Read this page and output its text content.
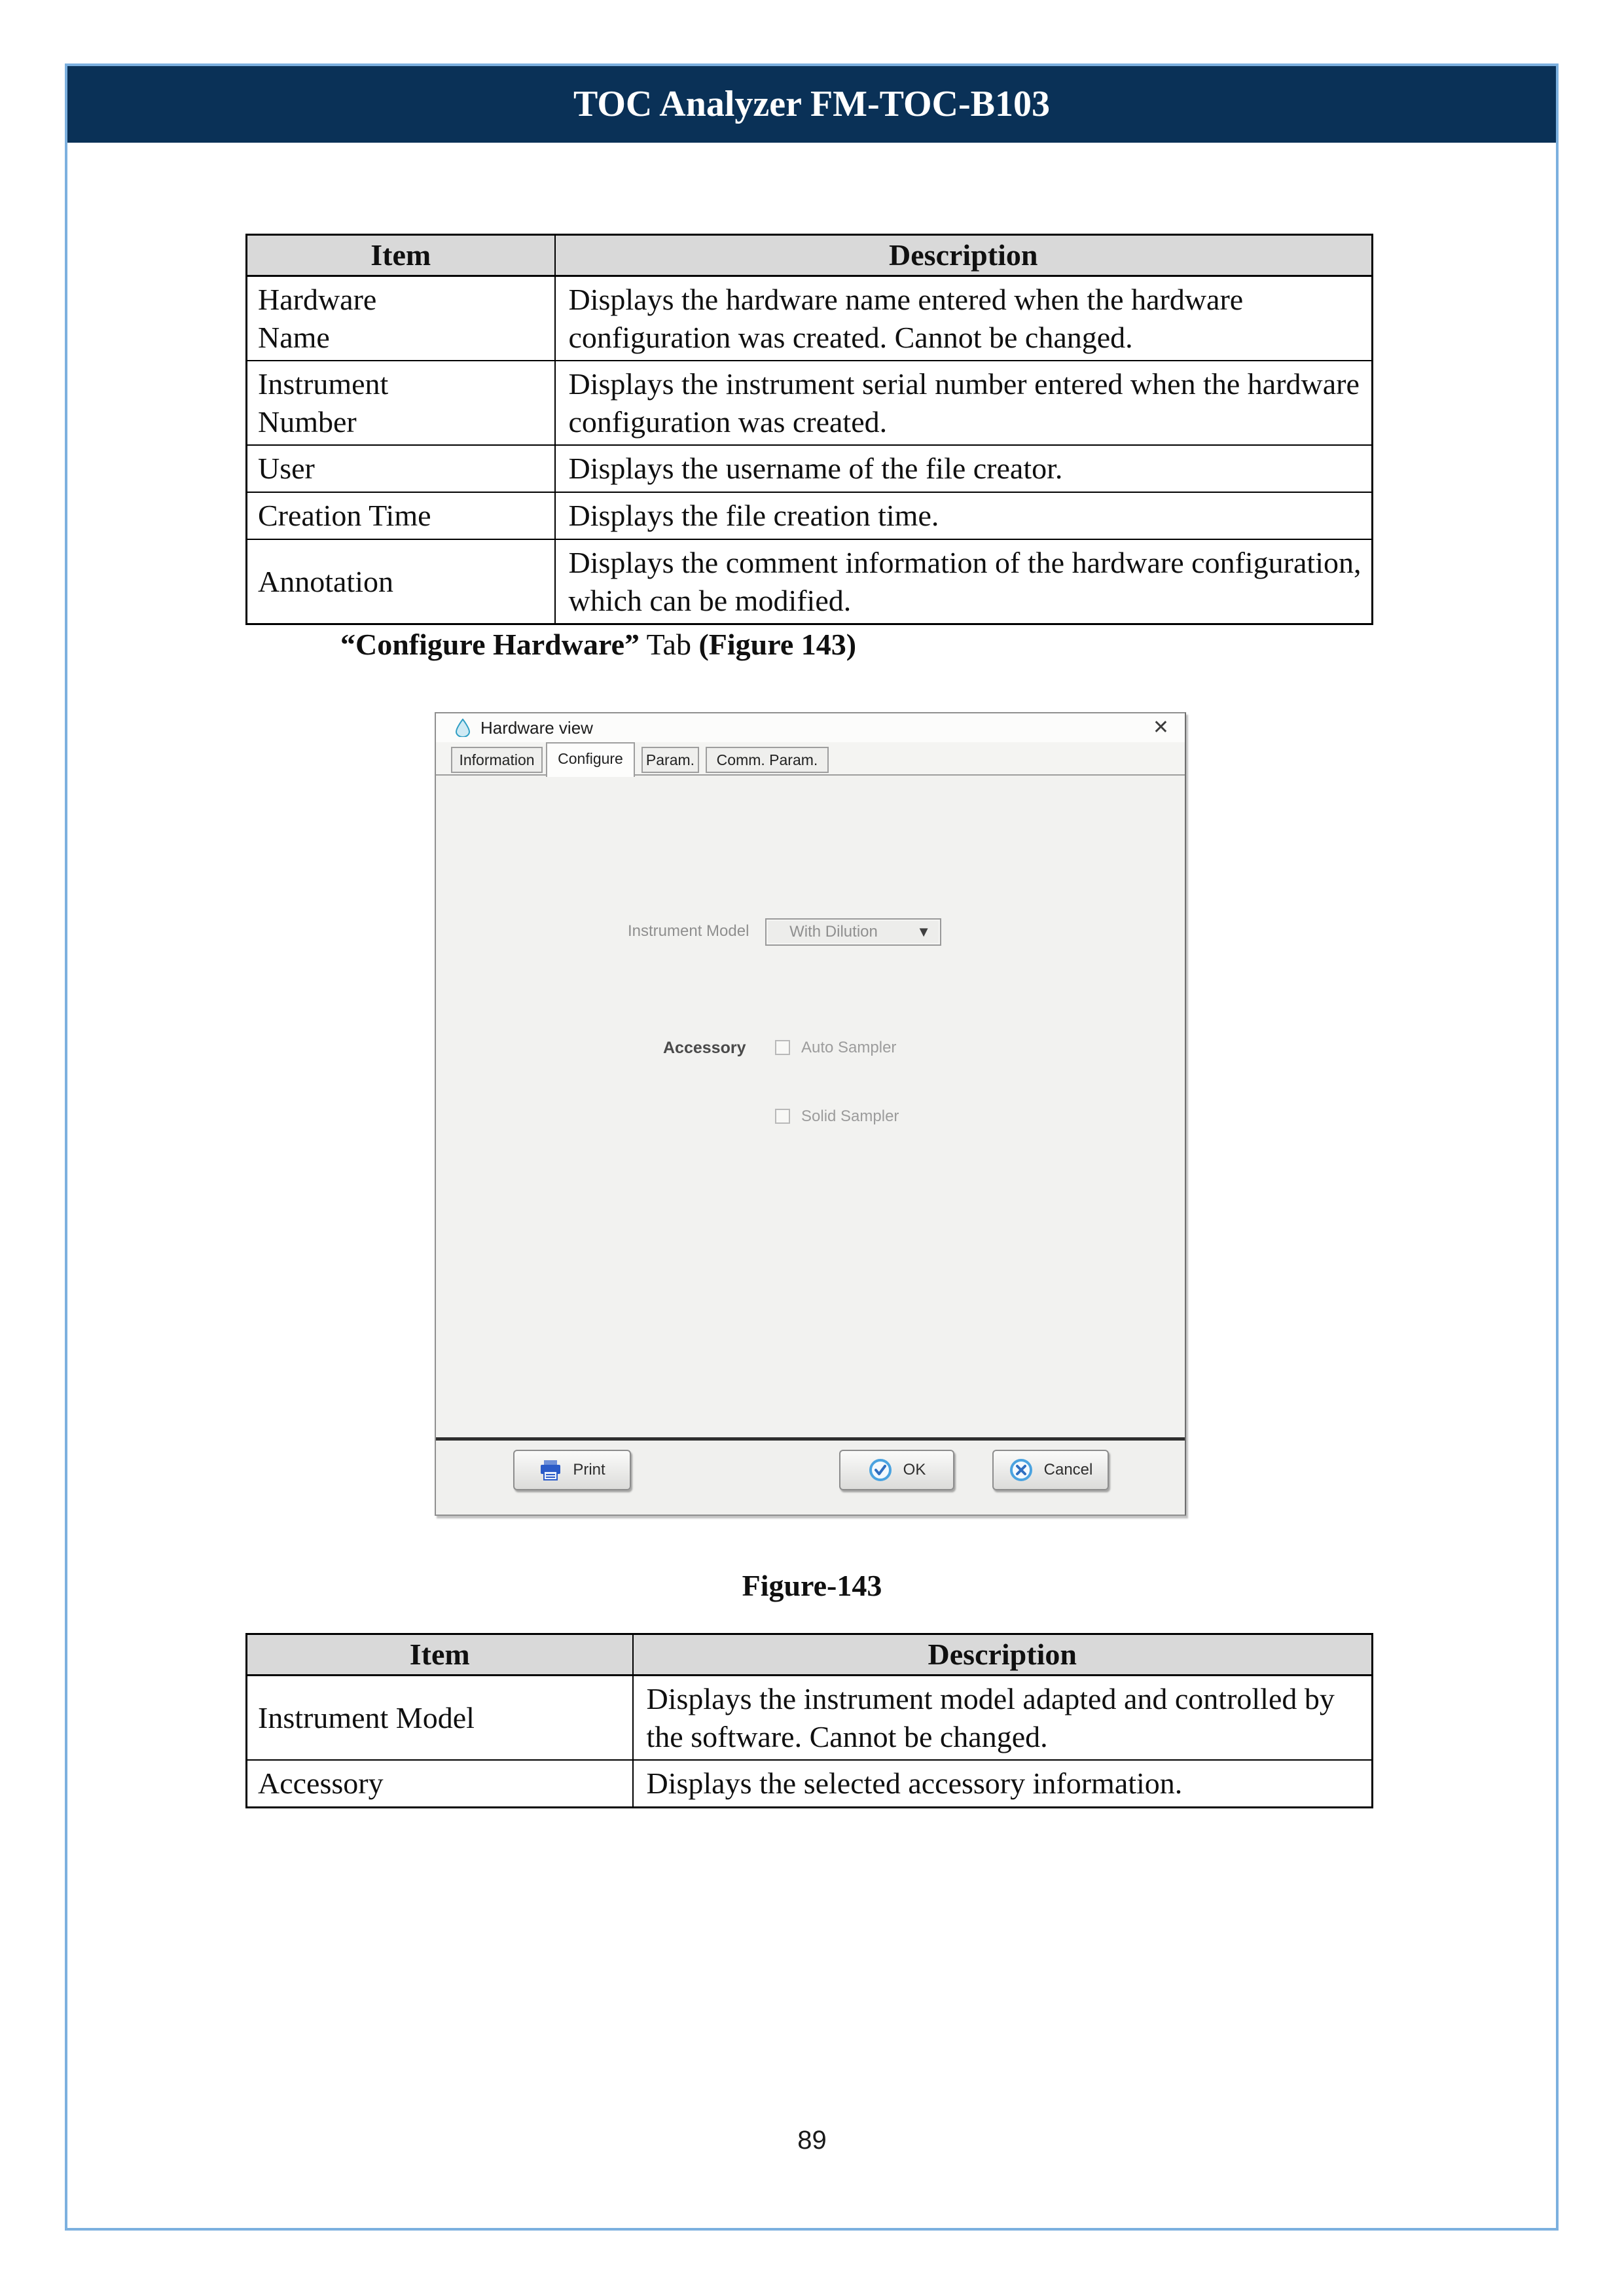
TOC Analyzer FM-TOC-B103
Item	Description
Hardware Name	Displays the hardware name entered when the hardware configuration was created. Cannot be changed.
Instrument Number	Displays the instrument serial number entered when the hardware configuration was created.
User	Displays the username of the file creator.
Creation Time	Displays the file creation time.
Annotation	Displays the comment information of the hardware configuration, which can be modified.
“Configure Hardware” Tab (Figure 143)
Hardware view	✕
Information	Configure	Param.	Comm. Param.
Instrument Model	With Dilution	▼
Accessory	Auto Sampler
Solid Sampler
Print	OK	Cancel
Figure-143
Item	Description
Instrument Model	Displays the instrument model adapted and controlled by the software. Cannot be changed.
Accessory	Displays the selected accessory information.
89
